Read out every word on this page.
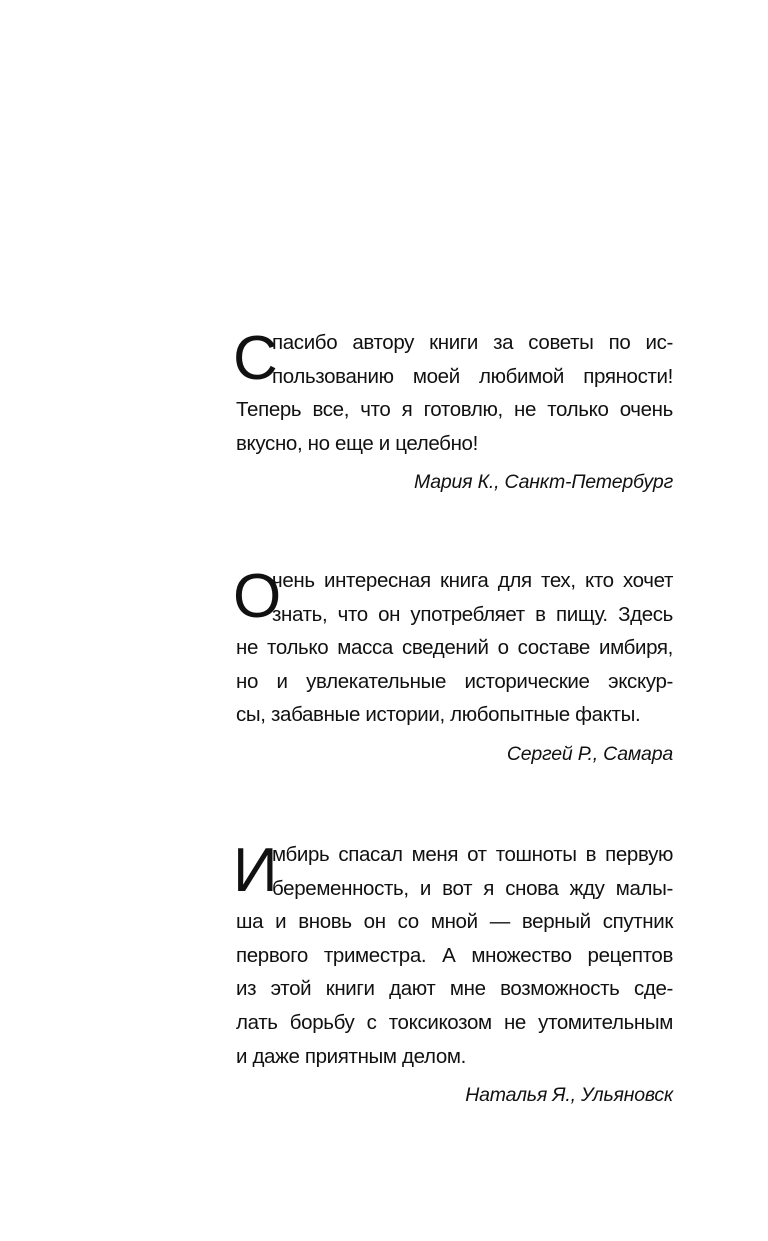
С
пасибо автору книги за советы по ис-
пользованию моей любимой пряности!
Теперь все, что я готовлю, не только очень
вкусно, но еще и целебно!
Мария К., Санкт-Петербург
О
чень интересная книга для тех, кто хочет
знать, что он употребляет в пищу. Здесь
не только масса сведений о составе имбиря,
но и увлекательные исторические экскур-
сы, забавные истории, любопытные факты.
Сергей Р., Самара
И
мбирь спасал меня от тошноты в первую
беременность, и вот я снова жду малы-
ша и вновь он со мной — верный спутник
первого триместра. А множество рецептов
из этой книги дают мне возможность сде-
лать борьбу с токсикозом не утомительным
и даже приятным делом.
Наталья Я., Ульяновск
